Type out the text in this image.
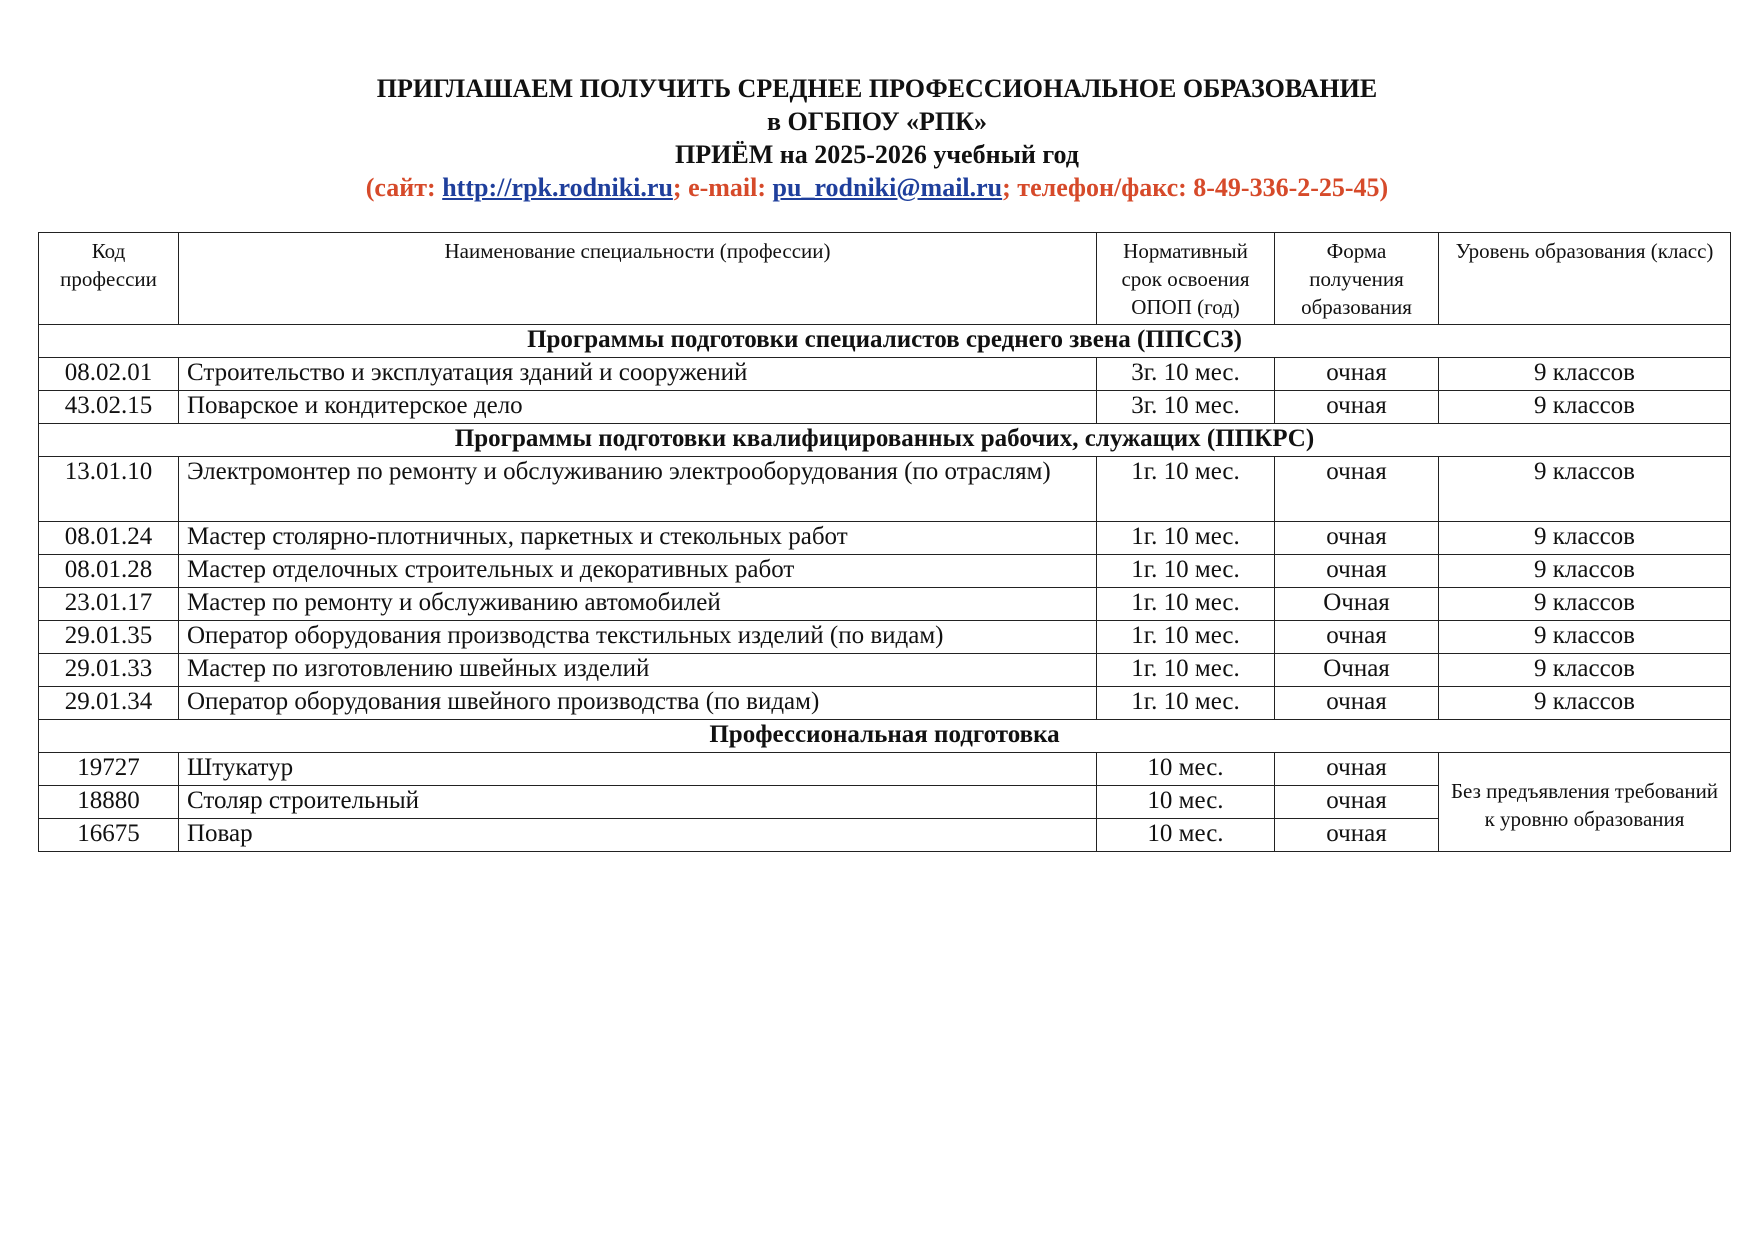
ПРИГЛАШАЕМ ПОЛУЧИТЬ СРЕДНЕЕ ПРОФЕССИОНАЛЬНОЕ ОБРАЗОВАНИЕ
в ОГБПОУ «РПК»
ПРИЁМ на 2025-2026 учебный год
(сайт: http://rpk.rodniki.ru; e-mail: pu_rodniki@mail.ru; телефон/факс: 8-49-336-2-25-45)
Код профессии	Наименование специальности (профессии)	Нормативный срок освоения ОПОП (год)	Форма получения образования	Уровень образования (класс)
Программы подготовки специалистов среднего звена (ППССЗ)				
08.02.01	Строительство и эксплуатация зданий и сооружений	3г. 10 мес.	очная	9 классов
43.02.15	Поварское и кондитерское дело	3г. 10 мес.	очная	9 классов
Программы подготовки квалифицированных рабочих, служащих (ППКРС)				
13.01.10	Электромонтер по ремонту и обслуживанию электрооборудования (по отраслям)	1г. 10 мес.	очная	9 классов
08.01.24	Мастер столярно-плотничных, паркетных и стекольных работ	1г. 10 мес.	очная	9 классов
08.01.28	Мастер отделочных строительных и декоративных работ	1г. 10 мес.	очная	9 классов
23.01.17	Мастер по ремонту и обслуживанию автомобилей	1г. 10 мес.	Очная	9 классов
29.01.35	Оператор оборудования производства текстильных изделий (по видам)	1г. 10 мес.	очная	9 классов
29.01.33	Мастер по изготовлению швейных изделий	1г. 10 мес.	Очная	9 классов
29.01.34	Оператор оборудования швейного производства (по видам)	1г. 10 мес.	очная	9 классов
Профессиональная подготовка				
19727	Штукатур	10 мес.	очная	Без предъявления требований к уровню образования
18880	Столяр строительный	10 мес.	очная	
16675	Повар	10 мес.	очная	
